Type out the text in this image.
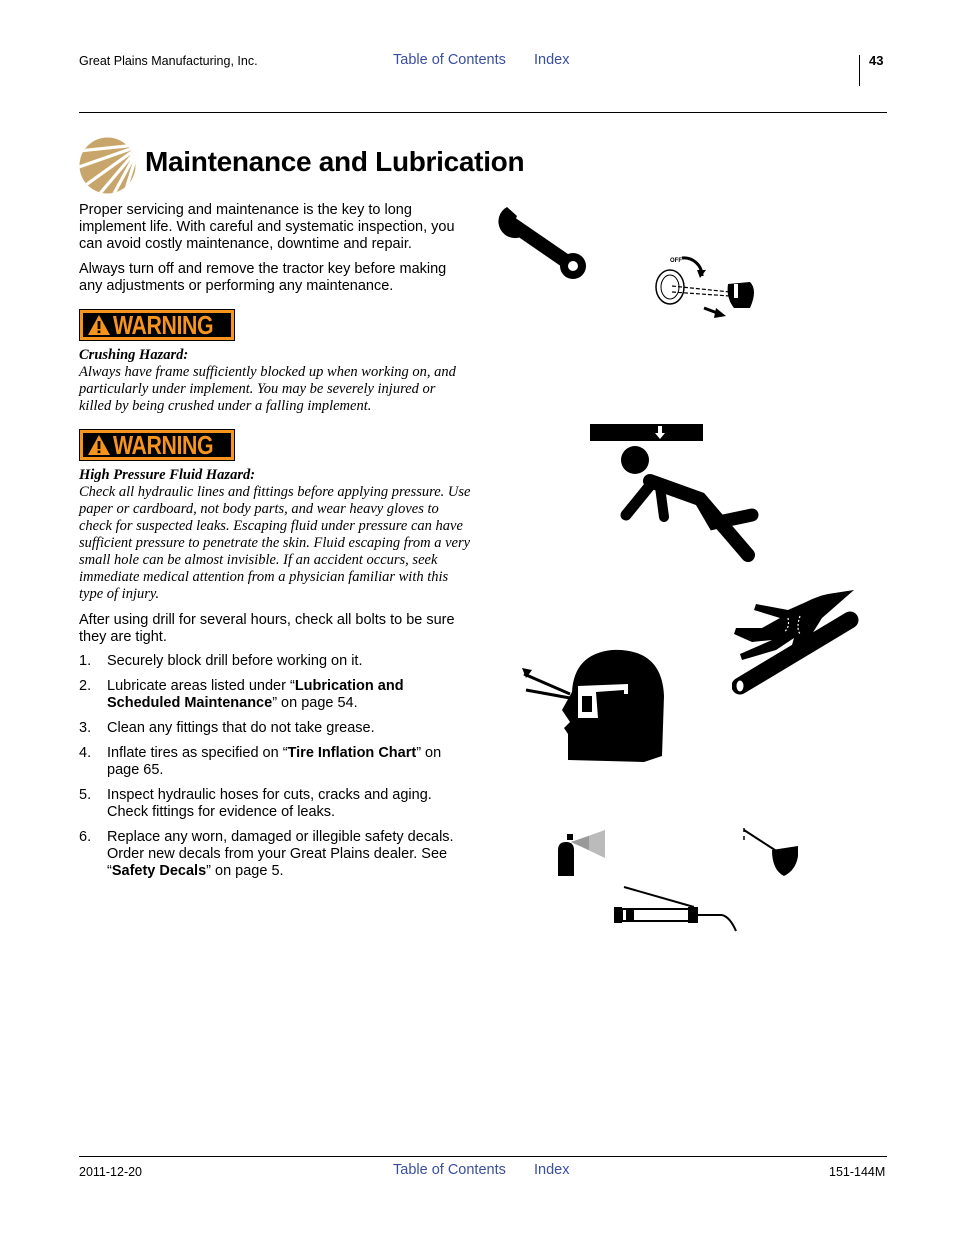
Great Plains Manufacturing, Inc.	Table of Contents Index	43
Maintenance and Lubrication
Proper servicing and maintenance is the key to long implement life. With careful and systematic inspection, you can avoid costly maintenance, downtime and repair.
Always turn off and remove the tractor key before making any adjustments or performing any maintenance.
WARNING
Crushing Hazard:
Always have frame sufficiently blocked up when working on, and particularly under implement. You may be severely injured or killed by being crushed under a falling implement.
WARNING
High Pressure Fluid Hazard:
Check all hydraulic lines and fittings before applying pressure. Use paper or cardboard, not body parts, and wear heavy gloves to check for suspected leaks. Escaping fluid under pressure can have sufficient pressure to penetrate the skin. Fluid escaping from a very small hole can be almost invisible. If an accident occurs, seek immediate medical attention from a physician familiar with this type of injury.
After using drill for several hours, check all bolts to be sure they are tight.
1. Securely block drill before working on it.
2. Lubricate areas listed under “Lubrication and Scheduled Maintenance” on page 54.
3. Clean any fittings that do not take grease.
4. Inflate tires as specified on “Tire Inflation Chart” on page 65.
5. Inspect hydraulic hoses for cuts, cracks and aging. Check fittings for evidence of leaks.
6. Replace any worn, damaged or illegible safety decals. Order new decals from your Great Plains dealer. See “Safety Decals” on page 5.
OFF
2011-12-20	Table of Contents Index	151-144M
